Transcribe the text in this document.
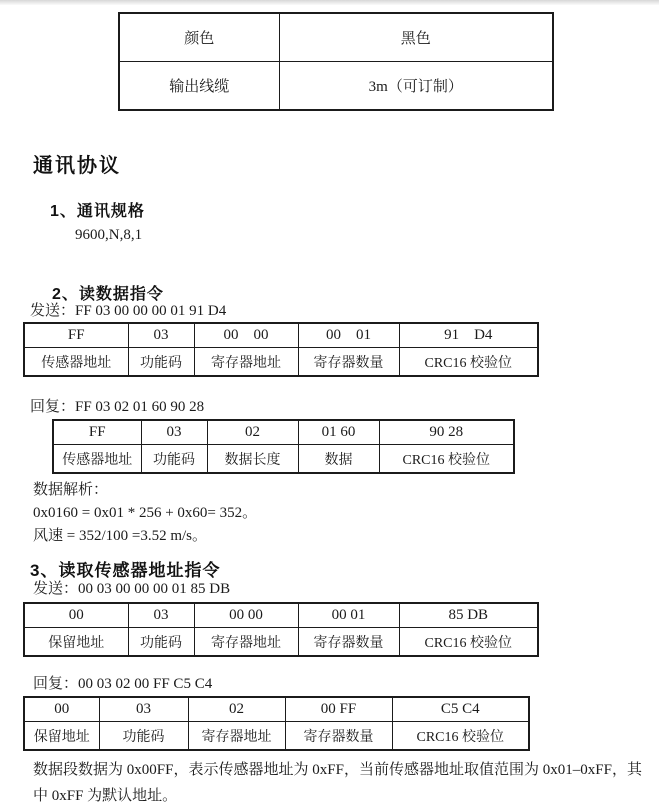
颜色	黑色
输出线缆	3m（可订制）
通讯协议
1、通讯规格

9600,N,8,1

2、读数据指令

发送：FF 03 00 00 00 01 91 D4

FF	03	00  00	00  01	91  D4
传感器地址	功能码	寄存器地址	寄存器数量	CRC16 校验位

回复：FF 03 02 01 60 90 28

FF	03	02	01 60	90 28
传感器地址	功能码	数据长度	数据	CRC16 校验位

数据解析：

0x0160 = 0x01 * 256 + 0x60= 352。

风速 = 352/100 =3.52 m/s。

3、读取传感器地址指令

发送：00 03 00 00 00 01 85 DB

00	03	00 00	00 01	85 DB
保留地址	功能码	寄存器地址	寄存器数量	CRC16 校验位

回复：00 03 02 00 FF C5 C4

00	03	02	00 FF	C5 C4
保留地址	功能码	寄存器地址	寄存器数量	CRC16 校验位

数据段数据为 0x00FF，表示传感器地址为 0xFF，当前传感器地址取值范围为 0x01–0xFF，其中 0xFF 为默认地址。
